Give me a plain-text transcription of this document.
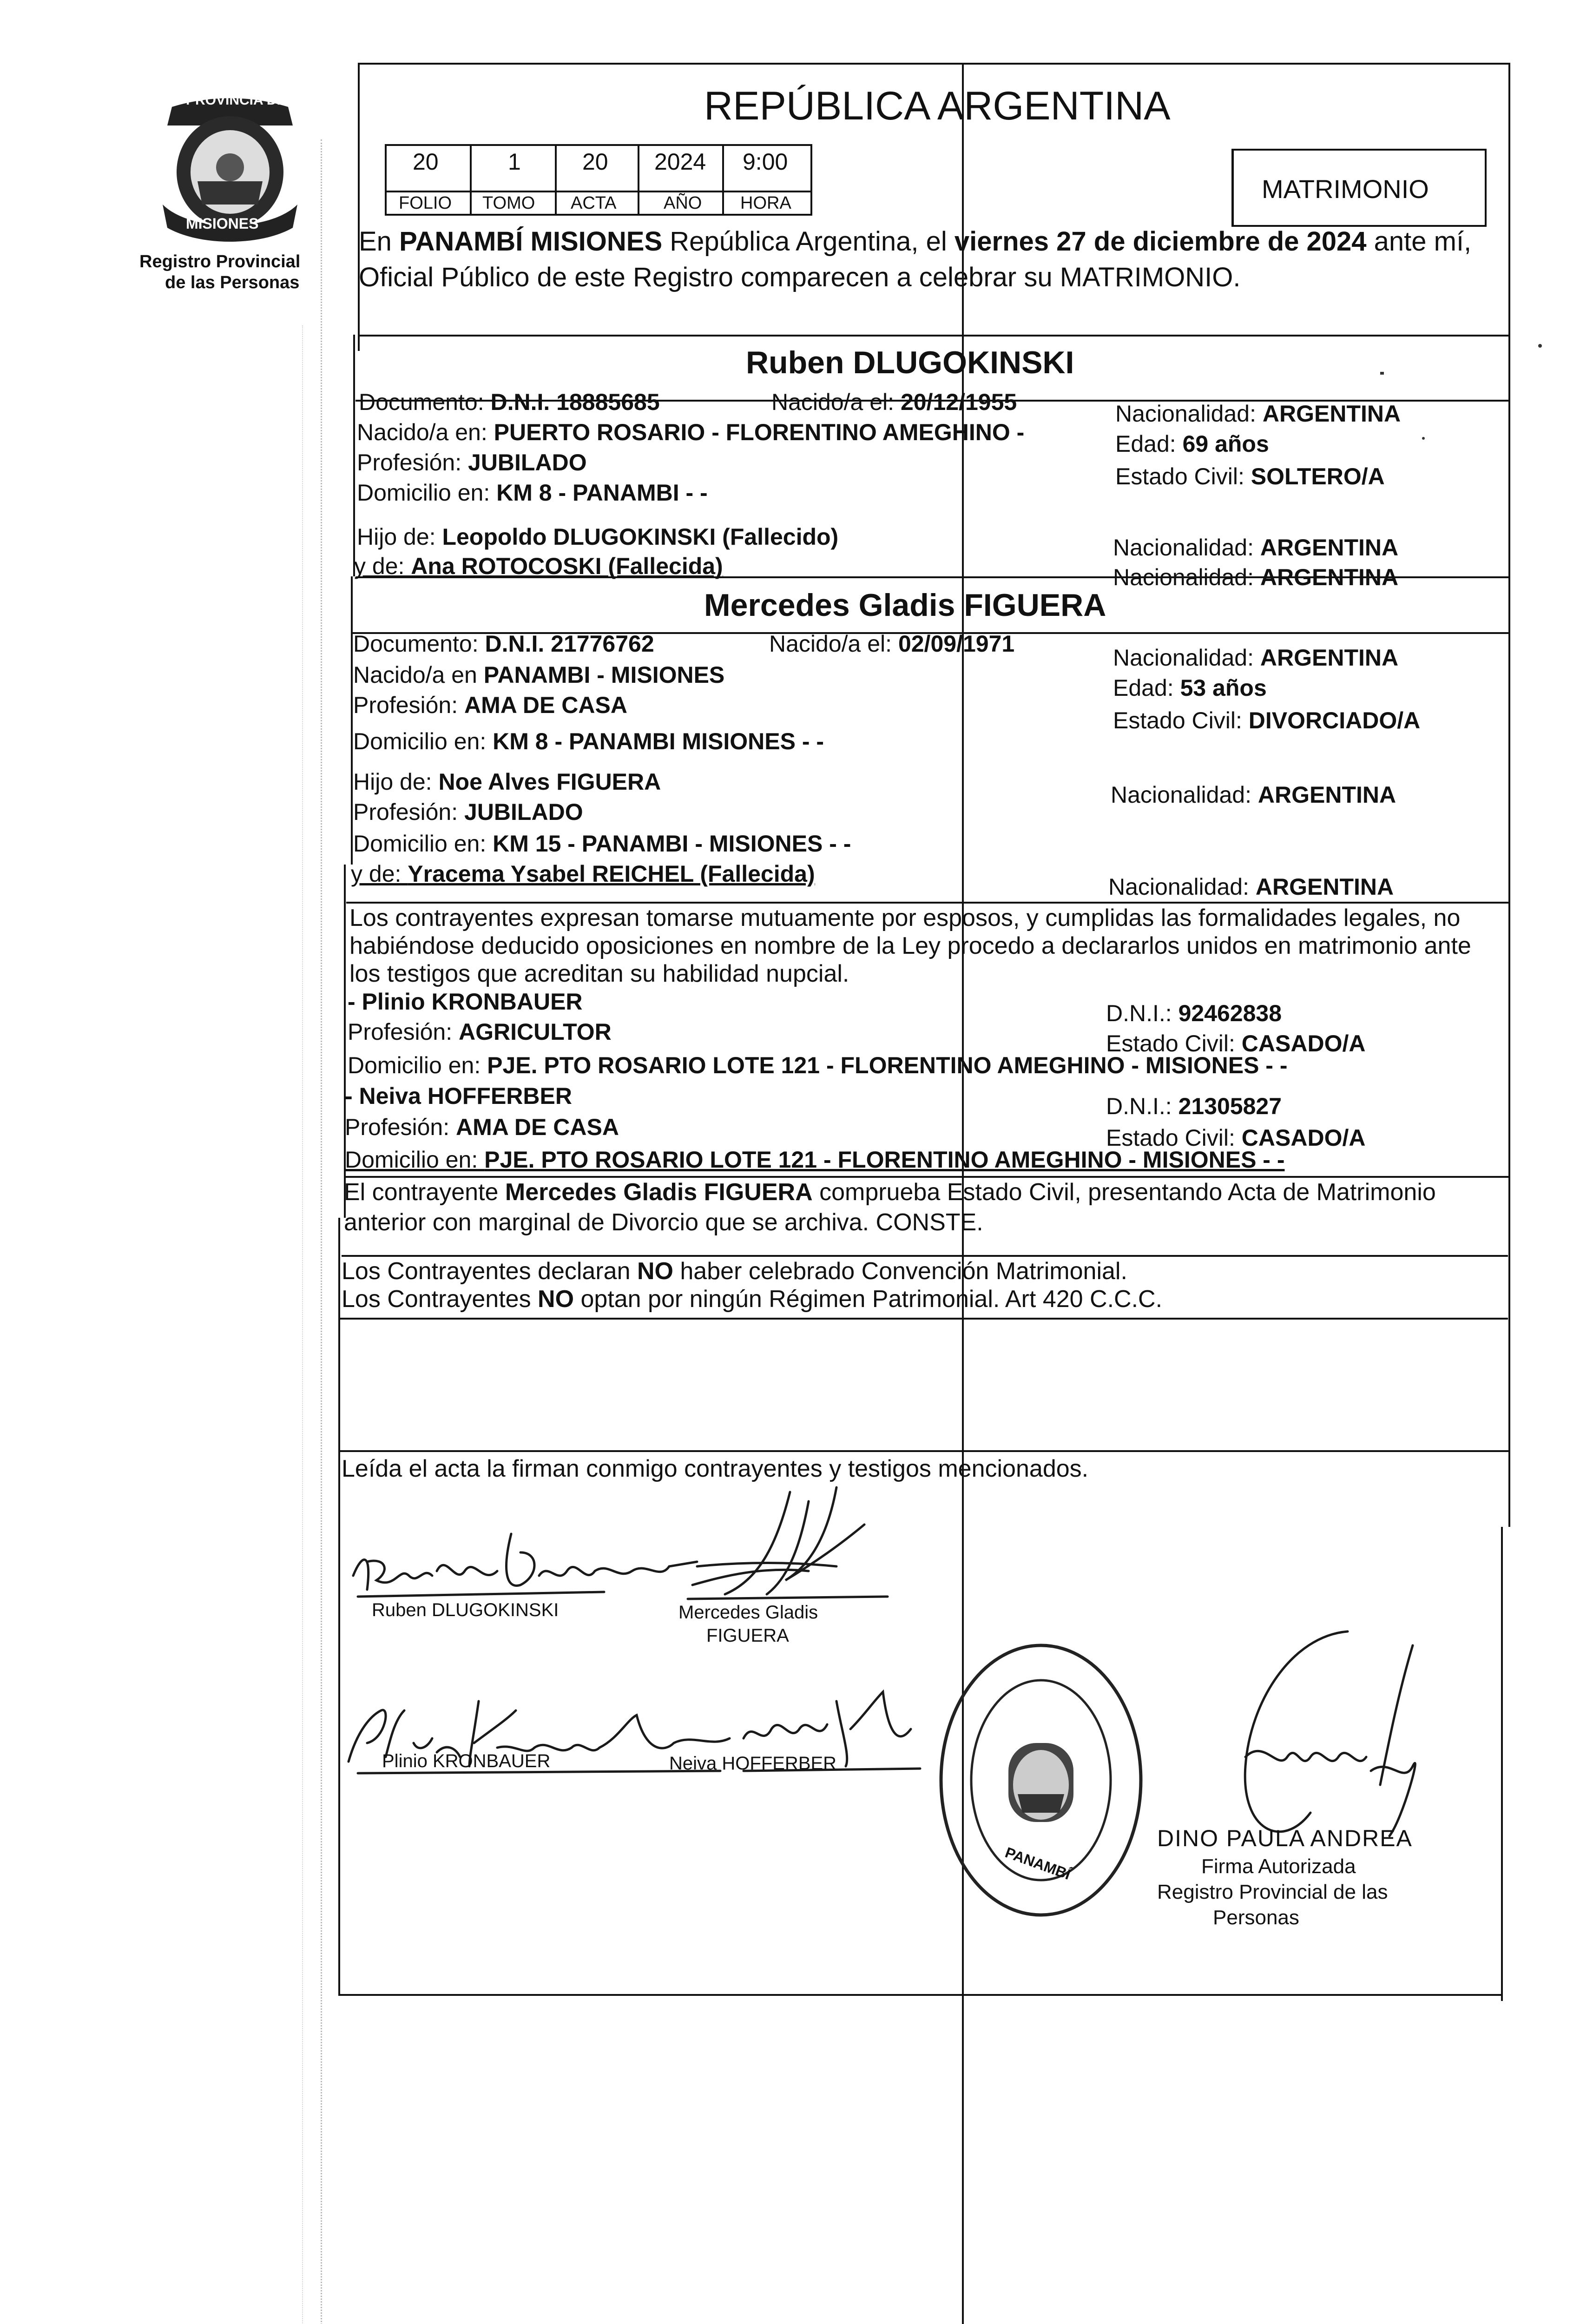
PROVINCIA DE
MISIONES
Registro Provincial
de las Personas
REPÚBLICA ARGENTINA
20	1	20 2024 9:00
FOLIO TOMO ACTA	AÑO HORA	MATRIMONIO
En PANAMBÍ MISIONES República Argentina, el viernes 27 de diciembre de 2024 ante mí,
Oficial Público de este Registro comparecen a celebrar su MATRIMONIO.
Ruben DLUGOKINSKI
Documento: D.N.I. 18885685	Nacido/a el: 20/12/1955	Nacionalidad: ARGENTINA
Nacido/a en: PUERTO ROSARIO - FLORENTINO AMEGHINO -	Edad: 69 años
Profesión: JUBILADO
Estado Civil: SOLTERO/A
Domicilio en: KM 8 - PANAMBI - -
Hijo de: Leopoldo DLUGOKINSKI (Fallecido)	Nacionalidad: ARGENTINA
y de: Ana ROTOCOSKI (Fallecida)	Nacionalidad: ARGENTINA
Mercedes Gladis FIGUERA
Documento: D.N.I. 21776762	Nacido/a el: 02/09/1971
Nacionalidad: ARGENTINA
Nacido/a en PANAMBI - MISIONES	Edad: 53 años
Profesión: AMA DE CASA
Estado Civil: DIVORCIADO/A
Domicilio en: KM 8 - PANAMBI MISIONES - -
Hijo de: Noe Alves FIGUERA	Nacionalidad: ARGENTINA
Profesión: JUBILADO
Domicilio en: KM 15 - PANAMBI - MISIONES - -
y de: Yracema Ysabel REICHEL (Fallecida)	Nacionalidad: ARGENTINA
Los contrayentes expresan tomarse mutuamente por esposos, y cumplidas las formalidades legales, no
habiéndose deducido oposiciones en nombre de la Ley procedo a declararlos unidos en matrimonio ante
los testigos que acreditan su habilidad nupcial.
- Plinio KRONBAUER	D.N.I.: 92462838
Profesión: AGRICULTOR	Estado Civil: CASADO/A
Domicilio en: PJE. PTO ROSARIO LOTE 121 - FLORENTINO AMEGHINO - MISIONES - -
- Neiva HOFFERBER	D.N.I.: 21305827
Profesión: AMA DE CASA	Estado Civil: CASADO/A
Domicilio en: PJE. PTO ROSARIO LOTE 121 - FLORENTINO AMEGHINO - MISIONES - -
El contrayente Mercedes Gladis FIGUERA comprueba Estado Civil, presentando Acta de Matrimonio
anterior con marginal de Divorcio que se archiva. CONSTE.
Los Contrayentes declaran NO haber celebrado Convención Matrimonial.
Los Contrayentes NO optan por ningún Régimen Patrimonial. Art 420 C.C.C.
Leída el acta la firman conmigo contrayentes y testigos mencionados.
Ruben DLUGOKINSKI	Mercedes Gladis
FIGUERA
Plinio KRONBAUER	Neiva HOFFERBER
PANAMBÍ
DINO PAULA ANDREA
Firma Autorizada
Registro Provincial de las
Personas
